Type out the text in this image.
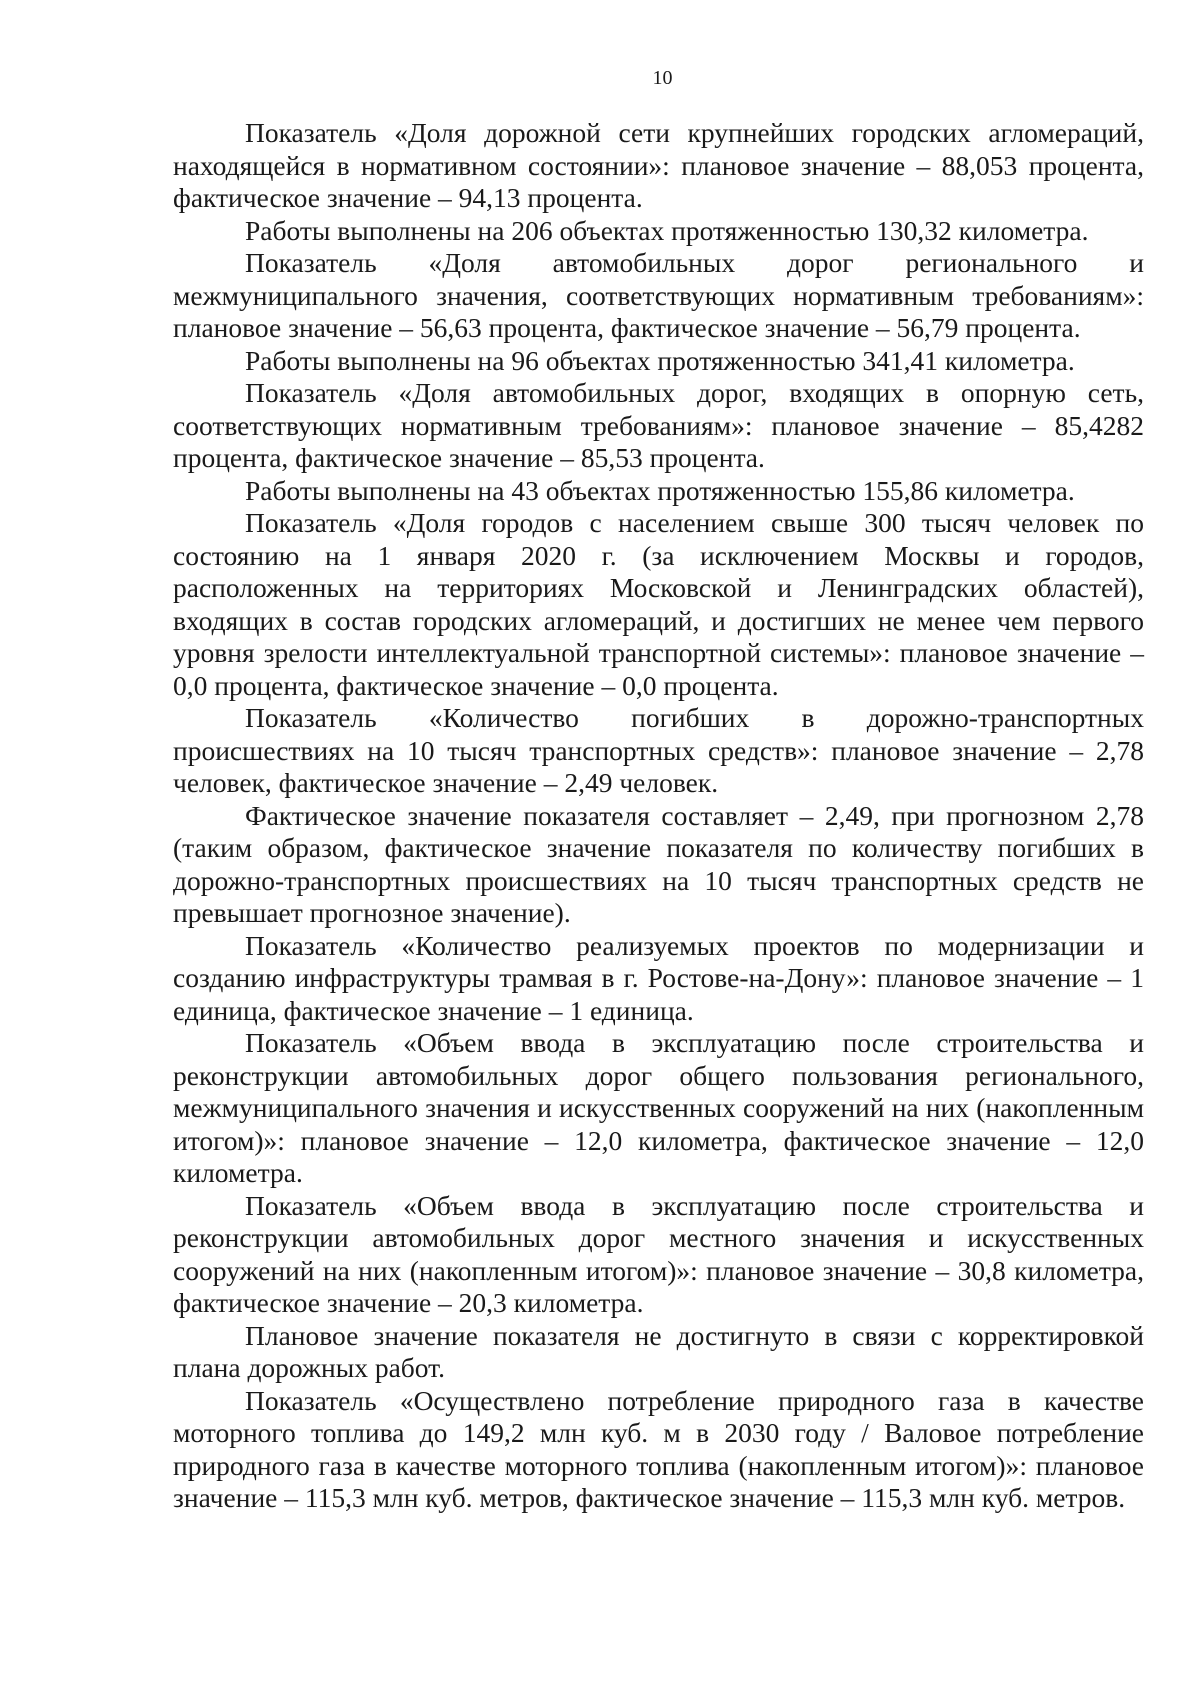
10

Показатель «Доля дорожной сети крупнейших городских агломераций, находящейся в нормативном состоянии»: плановое значение – 88,053 процента, фактическое значение – 94,13 процента.

Работы выполнены на 206 объектах протяженностью 130,32 километра.

Показатель «Доля автомобильных дорог регионального и межмуниципального значения, соответствующих нормативным требованиям»: плановое значение – 56,63 процента, фактическое значение – 56,79 процента.

Работы выполнены на 96 объектах протяженностью 341,41 километра.

Показатель «Доля автомобильных дорог, входящих в опорную сеть, соответствующих нормативным требованиям»: плановое значение – 85,4282 процента, фактическое значение – 85,53 процента.

Работы выполнены на 43 объектах протяженностью 155,86 километра.

Показатель «Доля городов с населением свыше 300 тысяч человек по состоянию на 1 января 2020 г. (за исключением Москвы и городов, расположенных на территориях Московской и Ленинградских областей), входящих в состав городских агломераций, и достигших не менее чем первого уровня зрелости интеллектуальной транспортной системы»: плановое значение – 0,0 процента, фактическое значение – 0,0 процента.

Показатель «Количество погибших в дорожно-транспортных происшествиях на 10 тысяч транспортных средств»: плановое значение – 2,78 человек, фактическое значение – 2,49 человек.

Фактическое значение показателя составляет – 2,49, при прогнозном 2,78 (таким образом, фактическое значение показателя по количеству погибших в дорожно-транспортных происшествиях на 10 тысяч транспортных средств не превышает прогнозное значение).

Показатель «Количество реализуемых проектов по модернизации и созданию инфраструктуры трамвая в г. Ростове-на-Дону»: плановое значение – 1 единица, фактическое значение – 1 единица.

Показатель «Объем ввода в эксплуатацию после строительства и реконструкции автомобильных дорог общего пользования регионального, межмуниципального значения и искусственных сооружений на них (накопленным итогом)»: плановое значение – 12,0 километра, фактическое значение – 12,0 километра.

Показатель «Объем ввода в эксплуатацию после строительства и реконструкции автомобильных дорог местного значения и искусственных сооружений на них (накопленным итогом)»: плановое значение – 30,8 километра, фактическое значение – 20,3 километра.

Плановое значение показателя не достигнуто в связи с корректировкой плана дорожных работ.

Показатель «Осуществлено потребление природного газа в качестве моторного топлива до 149,2 млн куб. м в 2030 году / Валовое потребление природного газа в качестве моторного топлива (накопленным итогом)»: плановое значение – 115,3 млн куб. метров, фактическое значение – 115,3 млн куб. метров.
